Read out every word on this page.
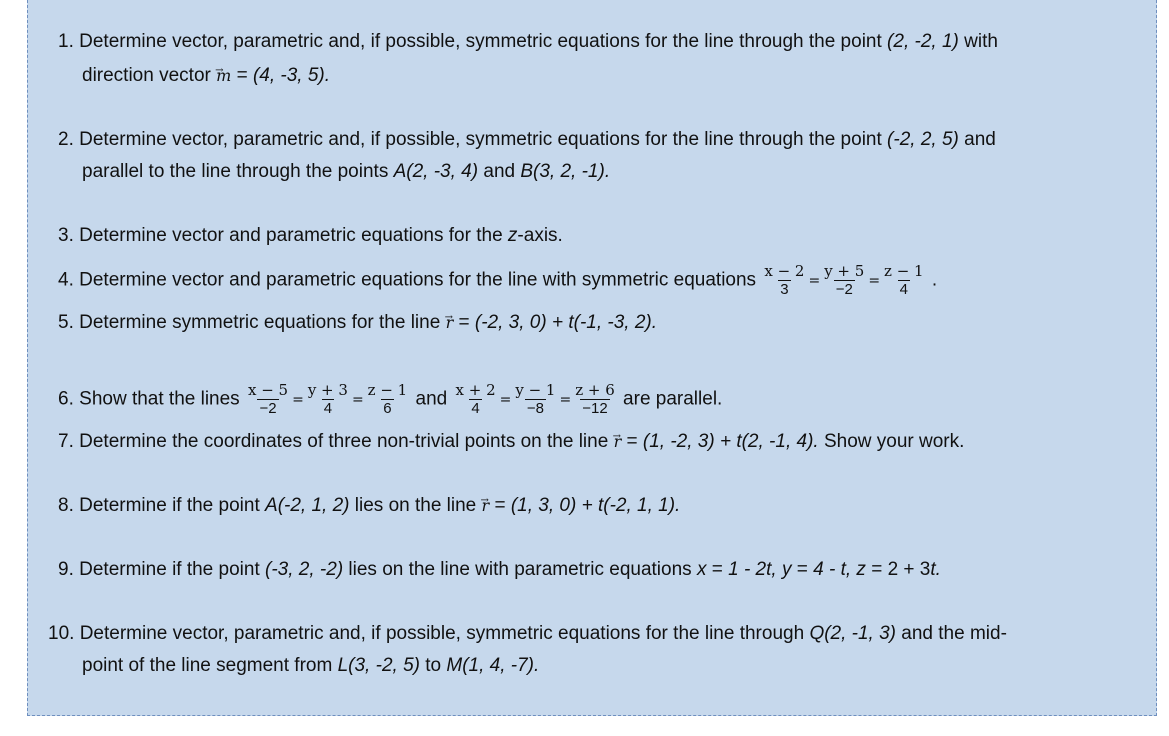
1. Determine vector, parametric and, if possible, symmetric equations for the line through the point (2, -2, 1) with
direction vector → m = (4, -3, 5).
2. Determine vector, parametric and, if possible, symmetric equations for the line through the point (-2, 2, 5) and
parallel to the line through the points A(2, -3, 4) and B(3, 2, -1).
3. Determine vector and parametric equations for the z-axis.
4. Determine vector and parametric equations for the line with symmetric equations $\frac{x - 2}{3} = \frac{y + 5}{-2} = \frac{z - 1}{4}$ .
5. Determine symmetric equations for the line → r = (-2, 3, 0) + t(-1, -3, 2).
6. Show that the lines $\frac{x - 5}{-2} = \frac{y + 3}{4} = \frac{z - 1}{6}$ and $\frac{x + 2}{4} = \frac{y - 1}{-8} = \frac{z + 6}{-12}$ are parallel.
7. Determine the coordinates of three non-trivial points on the line → r = (1, -2, 3) + t(2, -1, 4). Show your work.
8. Determine if the point A(-2, 1, 2) lies on the line → r = (1, 3, 0) + t(-2, 1, 1).
9. Determine if the point (-3, 2, -2) lies on the line with parametric equations x = 1 - 2t, y = 4 - t, z = 2 + 3t.
10. Determine vector, parametric and, if possible, symmetric equations for the line through Q(2, -1, 3) and the mid-
point of the line segment from L(3, -2, 5) to M(1, 4, -7).
